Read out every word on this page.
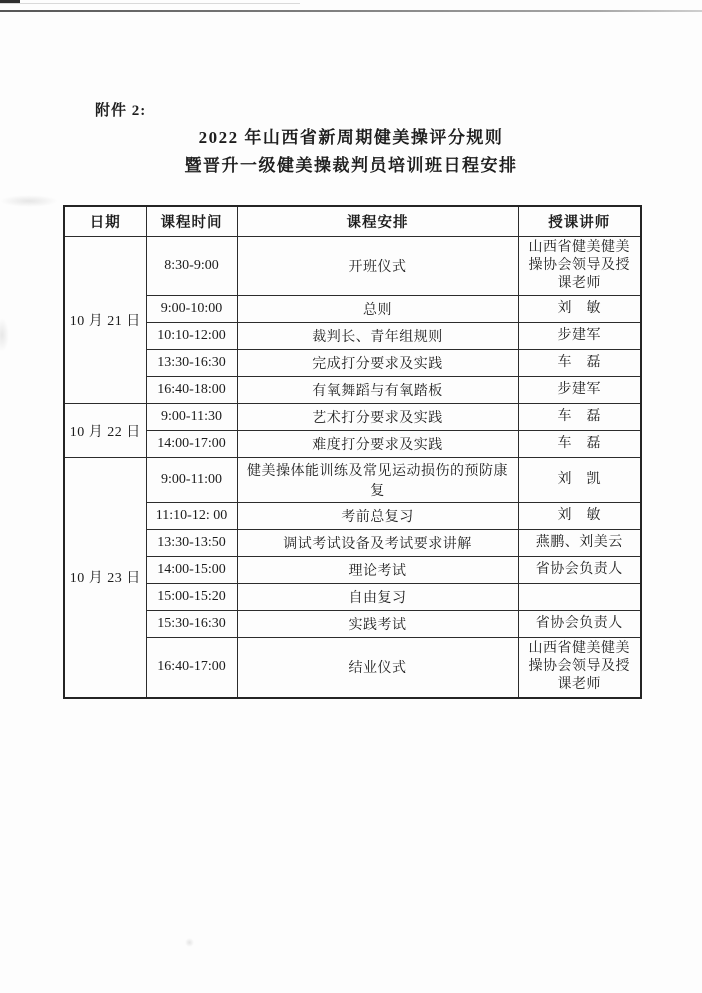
附件 2:
2022 年山西省新周期健美操评分规则
暨晋升一级健美操裁判员培训班日程安排
日期	课程时间	课程安排	授课讲师
10 月 21 日	8:30-9:00	开班仪式	山西省健美健美操协会领导及授课老师
	9:00-10:00	总则	刘　敏
	10:10-12:00	裁判长、青年组规则	步建军
	13:30-16:30	完成打分要求及实践	车　磊
	16:40-18:00	有氧舞蹈与有氧踏板	步建军
10 月 22 日	9:00-11:30	艺术打分要求及实践	车　磊
	14:00-17:00	难度打分要求及实践	车　磊
10 月 23 日	9:00-11:00	健美操体能训练及常见运动损伤的预防康复	刘　凯
	11:10-12: 00	考前总复习	刘　敏
	13:30-13:50	调试考试设备及考试要求讲解	燕鹏、刘美云
	14:00-15:00	理论考试	省协会负责人
	15:00-15:20	自由复习	
	15:30-16:30	实践考试	省协会负责人
	16:40-17:00	结业仪式	山西省健美健美操协会领导及授课老师
